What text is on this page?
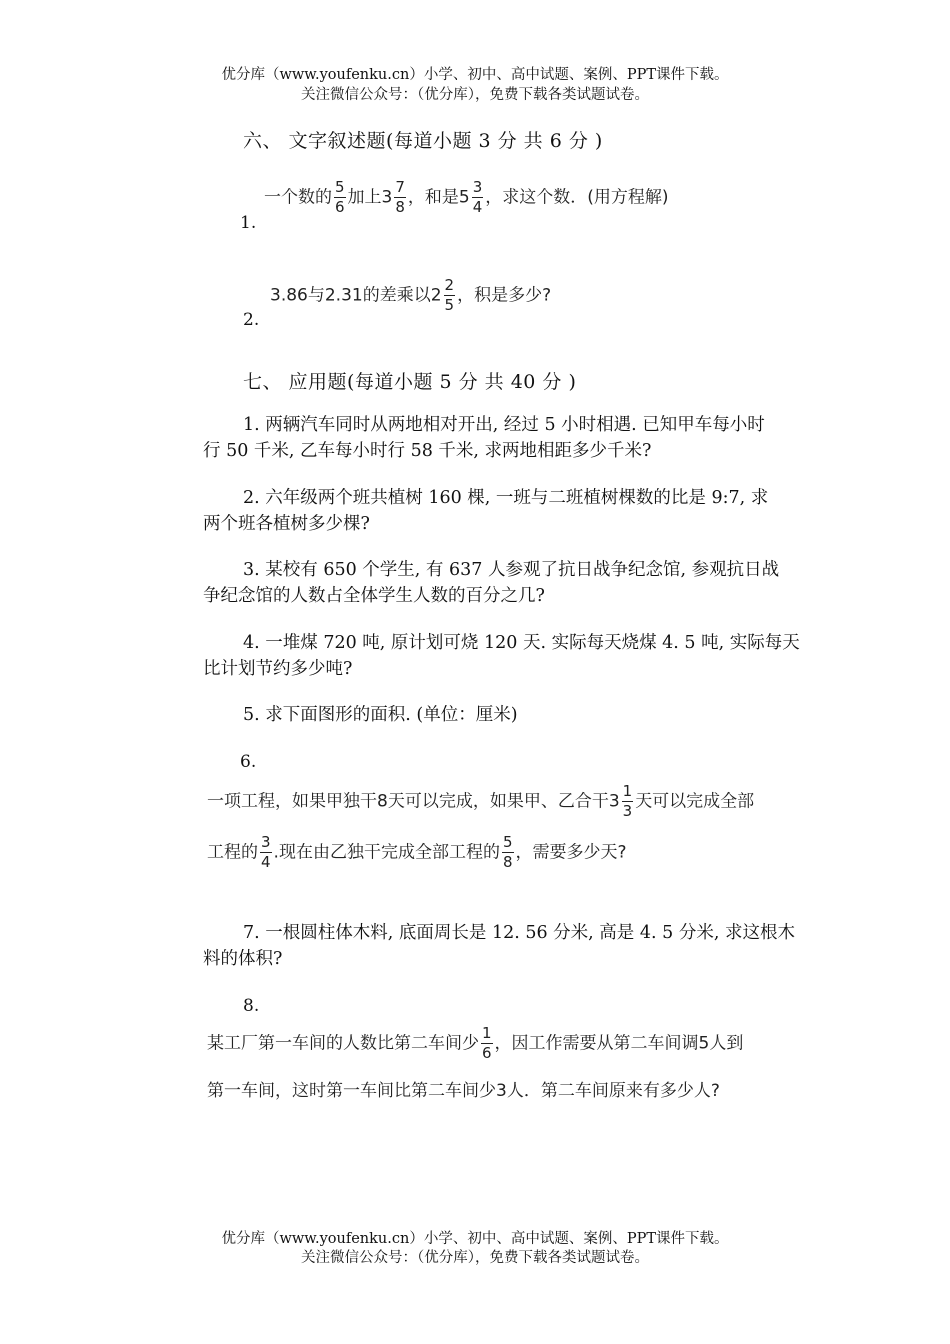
优分库（www.youfenku.cn）小学、初中、高中试题、案例、PPT课件下载。
关注微信公众号：（优分库），免费下载各类试题试卷。
六、 文字叙述题(每道小题 3 分 共 6 分 )
一个数的 $\frac{5}{6}$ 加上$3 \frac{7}{8}$ ，和是$5 \frac{3}{4}$ ，求这个数．(用方程解)
1.
3.86与2.31的差乘以$2 \frac{2}{5}$ ，积是多少?
2.
七、 应用题(每道小题 5 分 共 40 分 )
1. 两辆汽车同时从两地相对开出, 经过 5 小时相遇. 已知甲车每小时
行 50 千米, 乙车每小时行 58 千米, 求两地相距多少千米?
2. 六年级两个班共植树 160 棵, 一班与二班植树棵数的比是 9:7, 求
两个班各植树多少棵?
3. 某校有 650 个学生, 有 637 人参观了抗日战争纪念馆, 参观抗日战
争纪念馆的人数占全体学生人数的百分之几?
4. 一堆煤 720 吨, 原计划可烧 120 天. 实际每天烧煤 4. 5 吨, 实际每天
比计划节约多少吨?
5. 求下面图形的面积. (单位：厘米)
6.
一项工程，如果甲独干8天可以完成，如果甲、乙合干$3 \frac{1}{3}$ 天可以完成全部
工程的 $\frac{3}{4}$ .现在由乙独干完成全部工程的 $\frac{5}{8}$ ，需要多少天?
7. 一根圆柱体木料, 底面周长是 12. 56 分米, 高是 4. 5 分米, 求这根木
料的体积?
8.
某工厂第一车间的人数比第二车间少 $\frac{1}{6}$ ，因工作需要从第二车间调5人到
第一车间，这时第一车间比第二车间少3人．第二车间原来有多少人?
优分库（www.youfenku.cn）小学、初中、高中试题、案例、PPT课件下载。
关注微信公众号：（优分库），免费下载各类试题试卷。
